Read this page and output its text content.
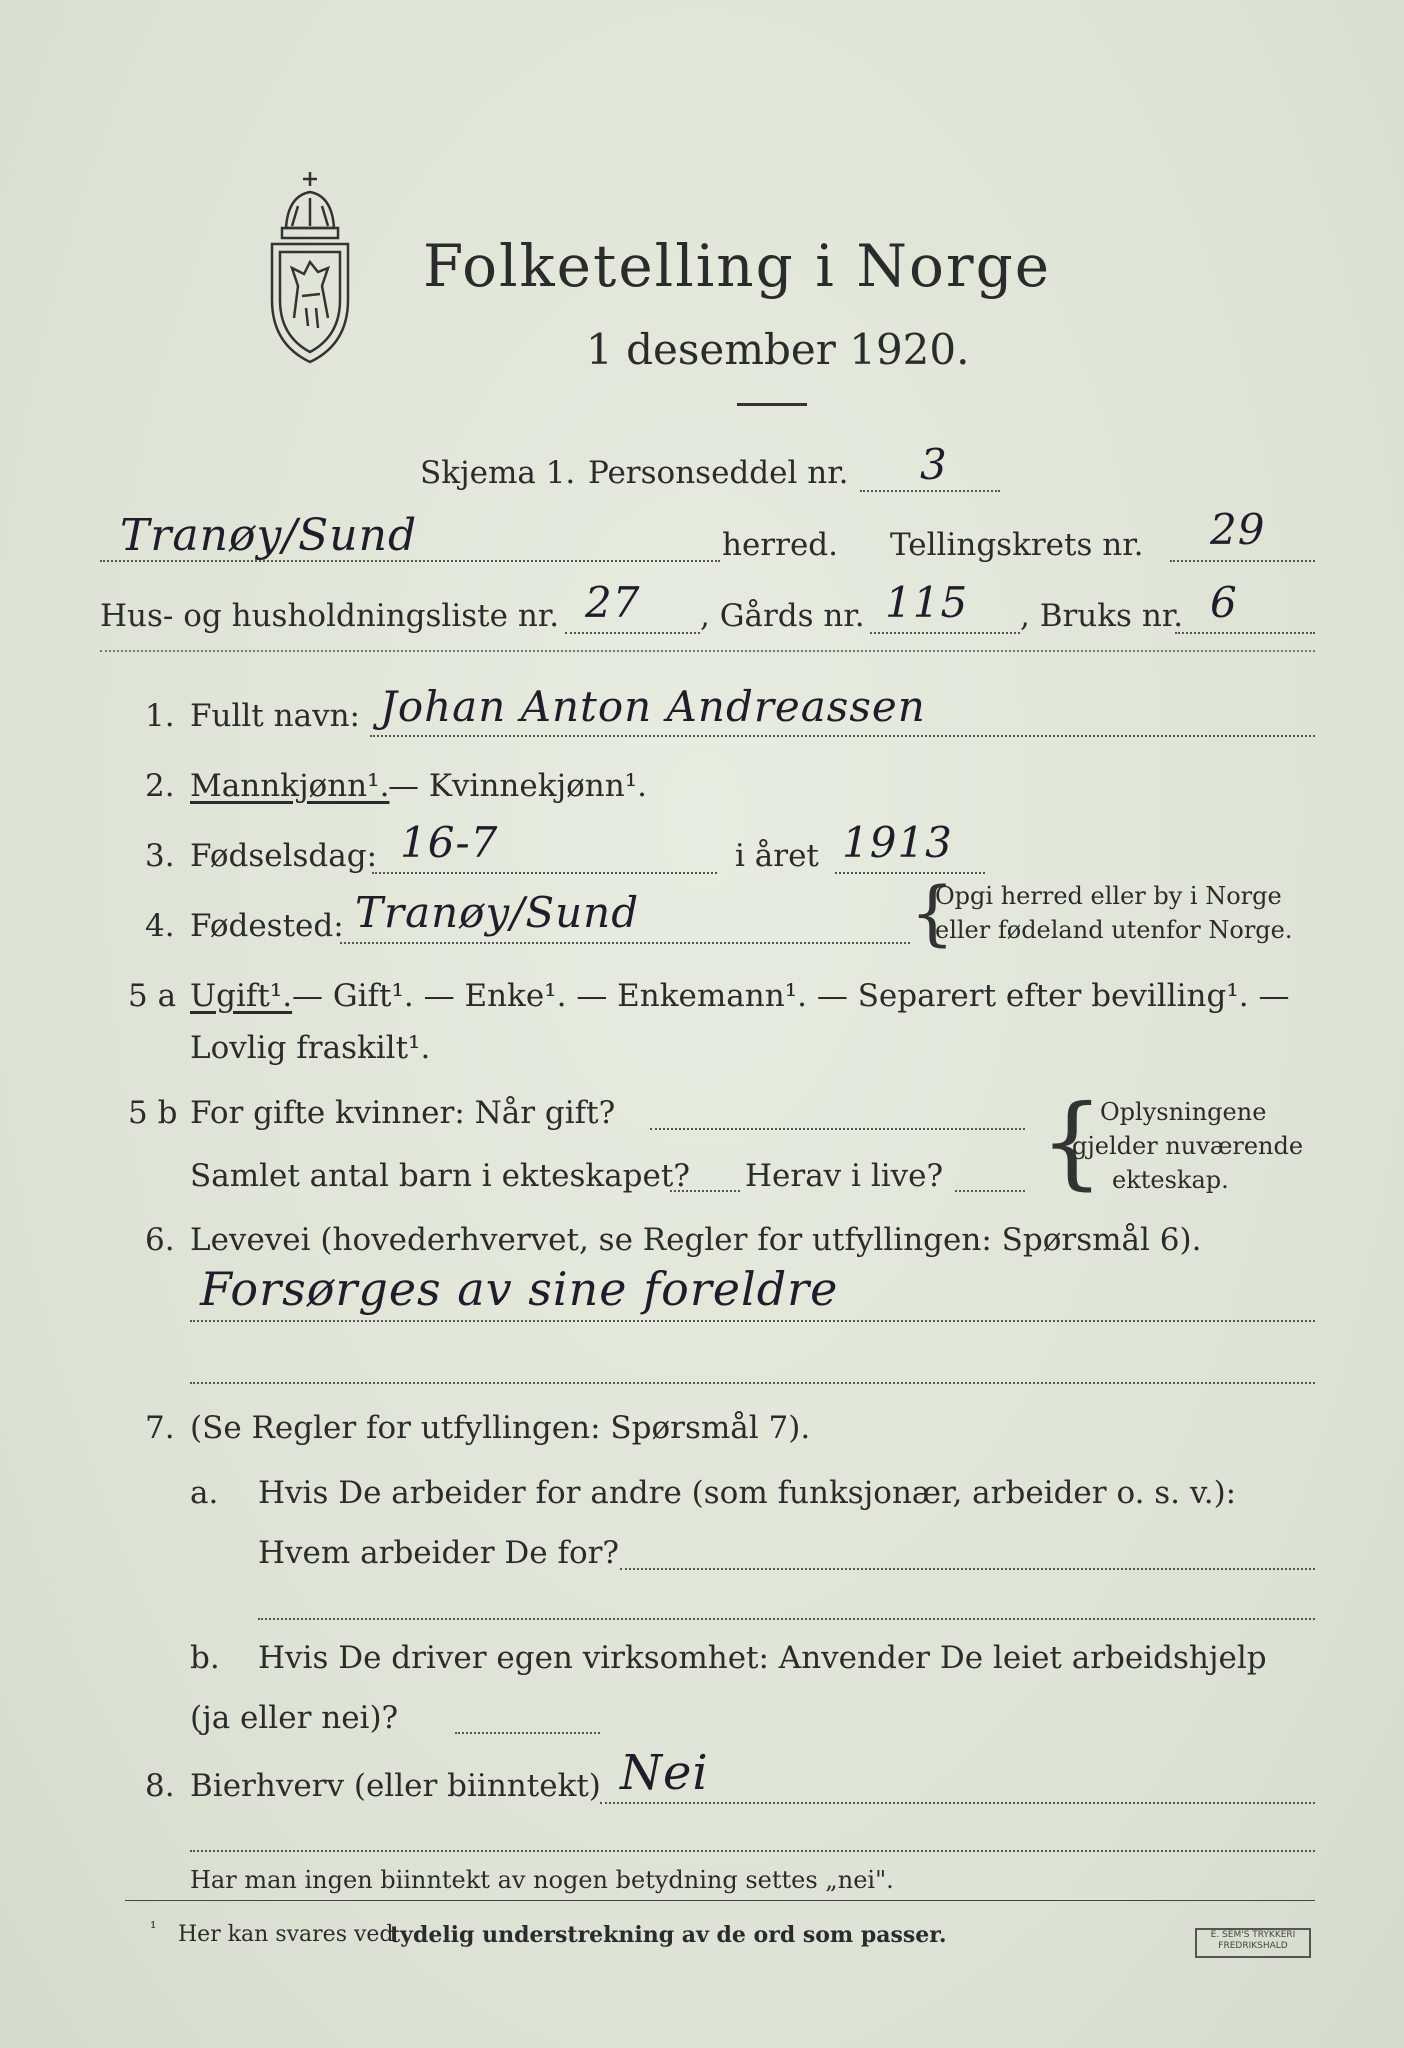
Folketelling i Norge
1 desember 1920.
Skjema 1. Personseddel nr. 3
Tranøy/Sund	herred. Tellingskrets nr. 29
Hus- og husholdningsliste nr. 27 , Gårds nr. 115 , Bruks nr. 6
1. Fullt navn: Johan Anton Andreassen
2. Mannkjønn¹.
— Kvinnekjønn¹.
3. Fødselsdag: 16-7	i året 1913
4. Fødested: Tranøy/Sund	{
Opgi herred eller by i Norge
eller fødeland utenfor Norge.
5 a Ugift¹. — Gift¹. — Enke¹. — Enkemann¹. — Separert efter bevilling¹. —
Lovlig fraskilt¹.
5 b For gifte kvinner: Når gift?
Samlet antal barn i ekteskapet? Herav i live? {
Oplysningene
gjelder nuværende
ekteskap.
6. Levevei (hovederhvervet, se Regler for utfyllingen: Spørsmål 6).
Forsørges av sine foreldre
7. (Se Regler for utfyllingen: Spørsmål 7).
a. Hvis De arbeider for andre (som funksjonær, arbeider o. s. v.):
Hvem arbeider De for?
b. Hvis De driver egen virksomhet: Anvender De leiet arbeidshjelp
(ja eller nei)?
8. Bierhverv (eller biinntekt) Nei
Har man ingen biinntekt av nogen betydning settes „nei".
¹ Her kan svares ved
tydelig understrekning av de ord som passer.	E. SEM'S TRYKKERI FREDRIKSHALD
